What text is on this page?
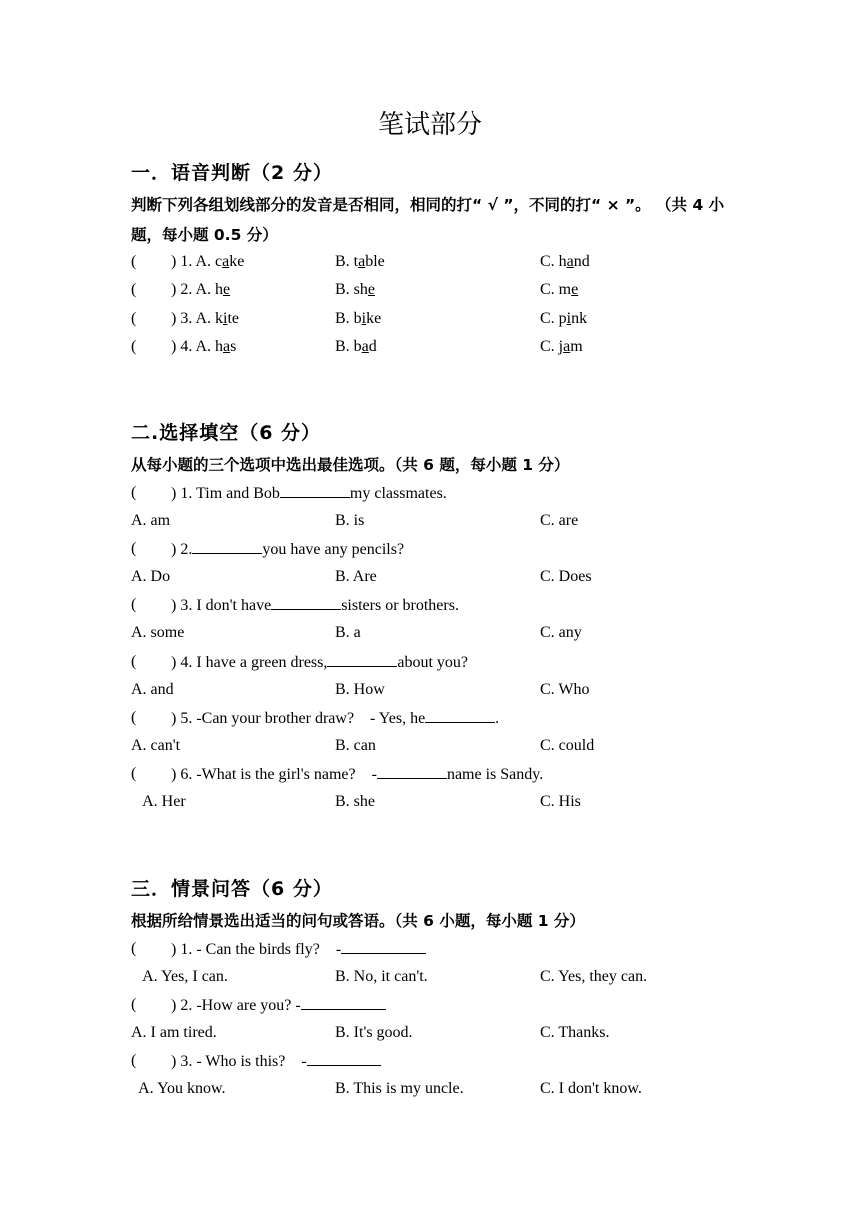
笔试部分
一．语音判断（2 分）
判断下列各组划线部分的发音是否相同，相同的打“ √ ”，不同的打“ × ”。 （共 4 小题，每小题 0.5 分）
( ) 1. A. cake	B. table	C. hand
( ) 2. A. he	B. she	C. me
( ) 3. A. kite	B. bike	C. pink
( ) 4. A. has	B. bad	C. jam
二.选择填空（6 分）
从每小题的三个选项中选出最佳选项。（共 6 题，每小题 1 分）
( ) 1. Tim and Bob	my classmates.
A. am	B. is	C. are
( ) 2.	you have any pencils?
A. Do	B. Are	C. Does
( ) 3. I don't have	sisters or brothers.
A. some	B. a	C. any
( ) 4. I have a green dress,	about you?
A. and	B. How	C. Who
( ) 5. -Can your brother draw?    - Yes, he	.
A. can't	B. can	C. could
( ) 6. -What is the girl's name?    -	name is Sandy.
A. Her	B. she	C. His
三．情景问答（6 分）
根据所给情景选出适当的问句或答语。（共 6 小题，每小题 1 分）
( ) 1. - Can the birds fly?    -
A. Yes, I can.	B. No, it can't.	C. Yes, they can.
( ) 2. -How are you? -
A. I am tired.	B. It's good.	C. Thanks.
( ) 3. - Who is this?    -
A. You know.	B. This is my uncle.	C. I don't know.
